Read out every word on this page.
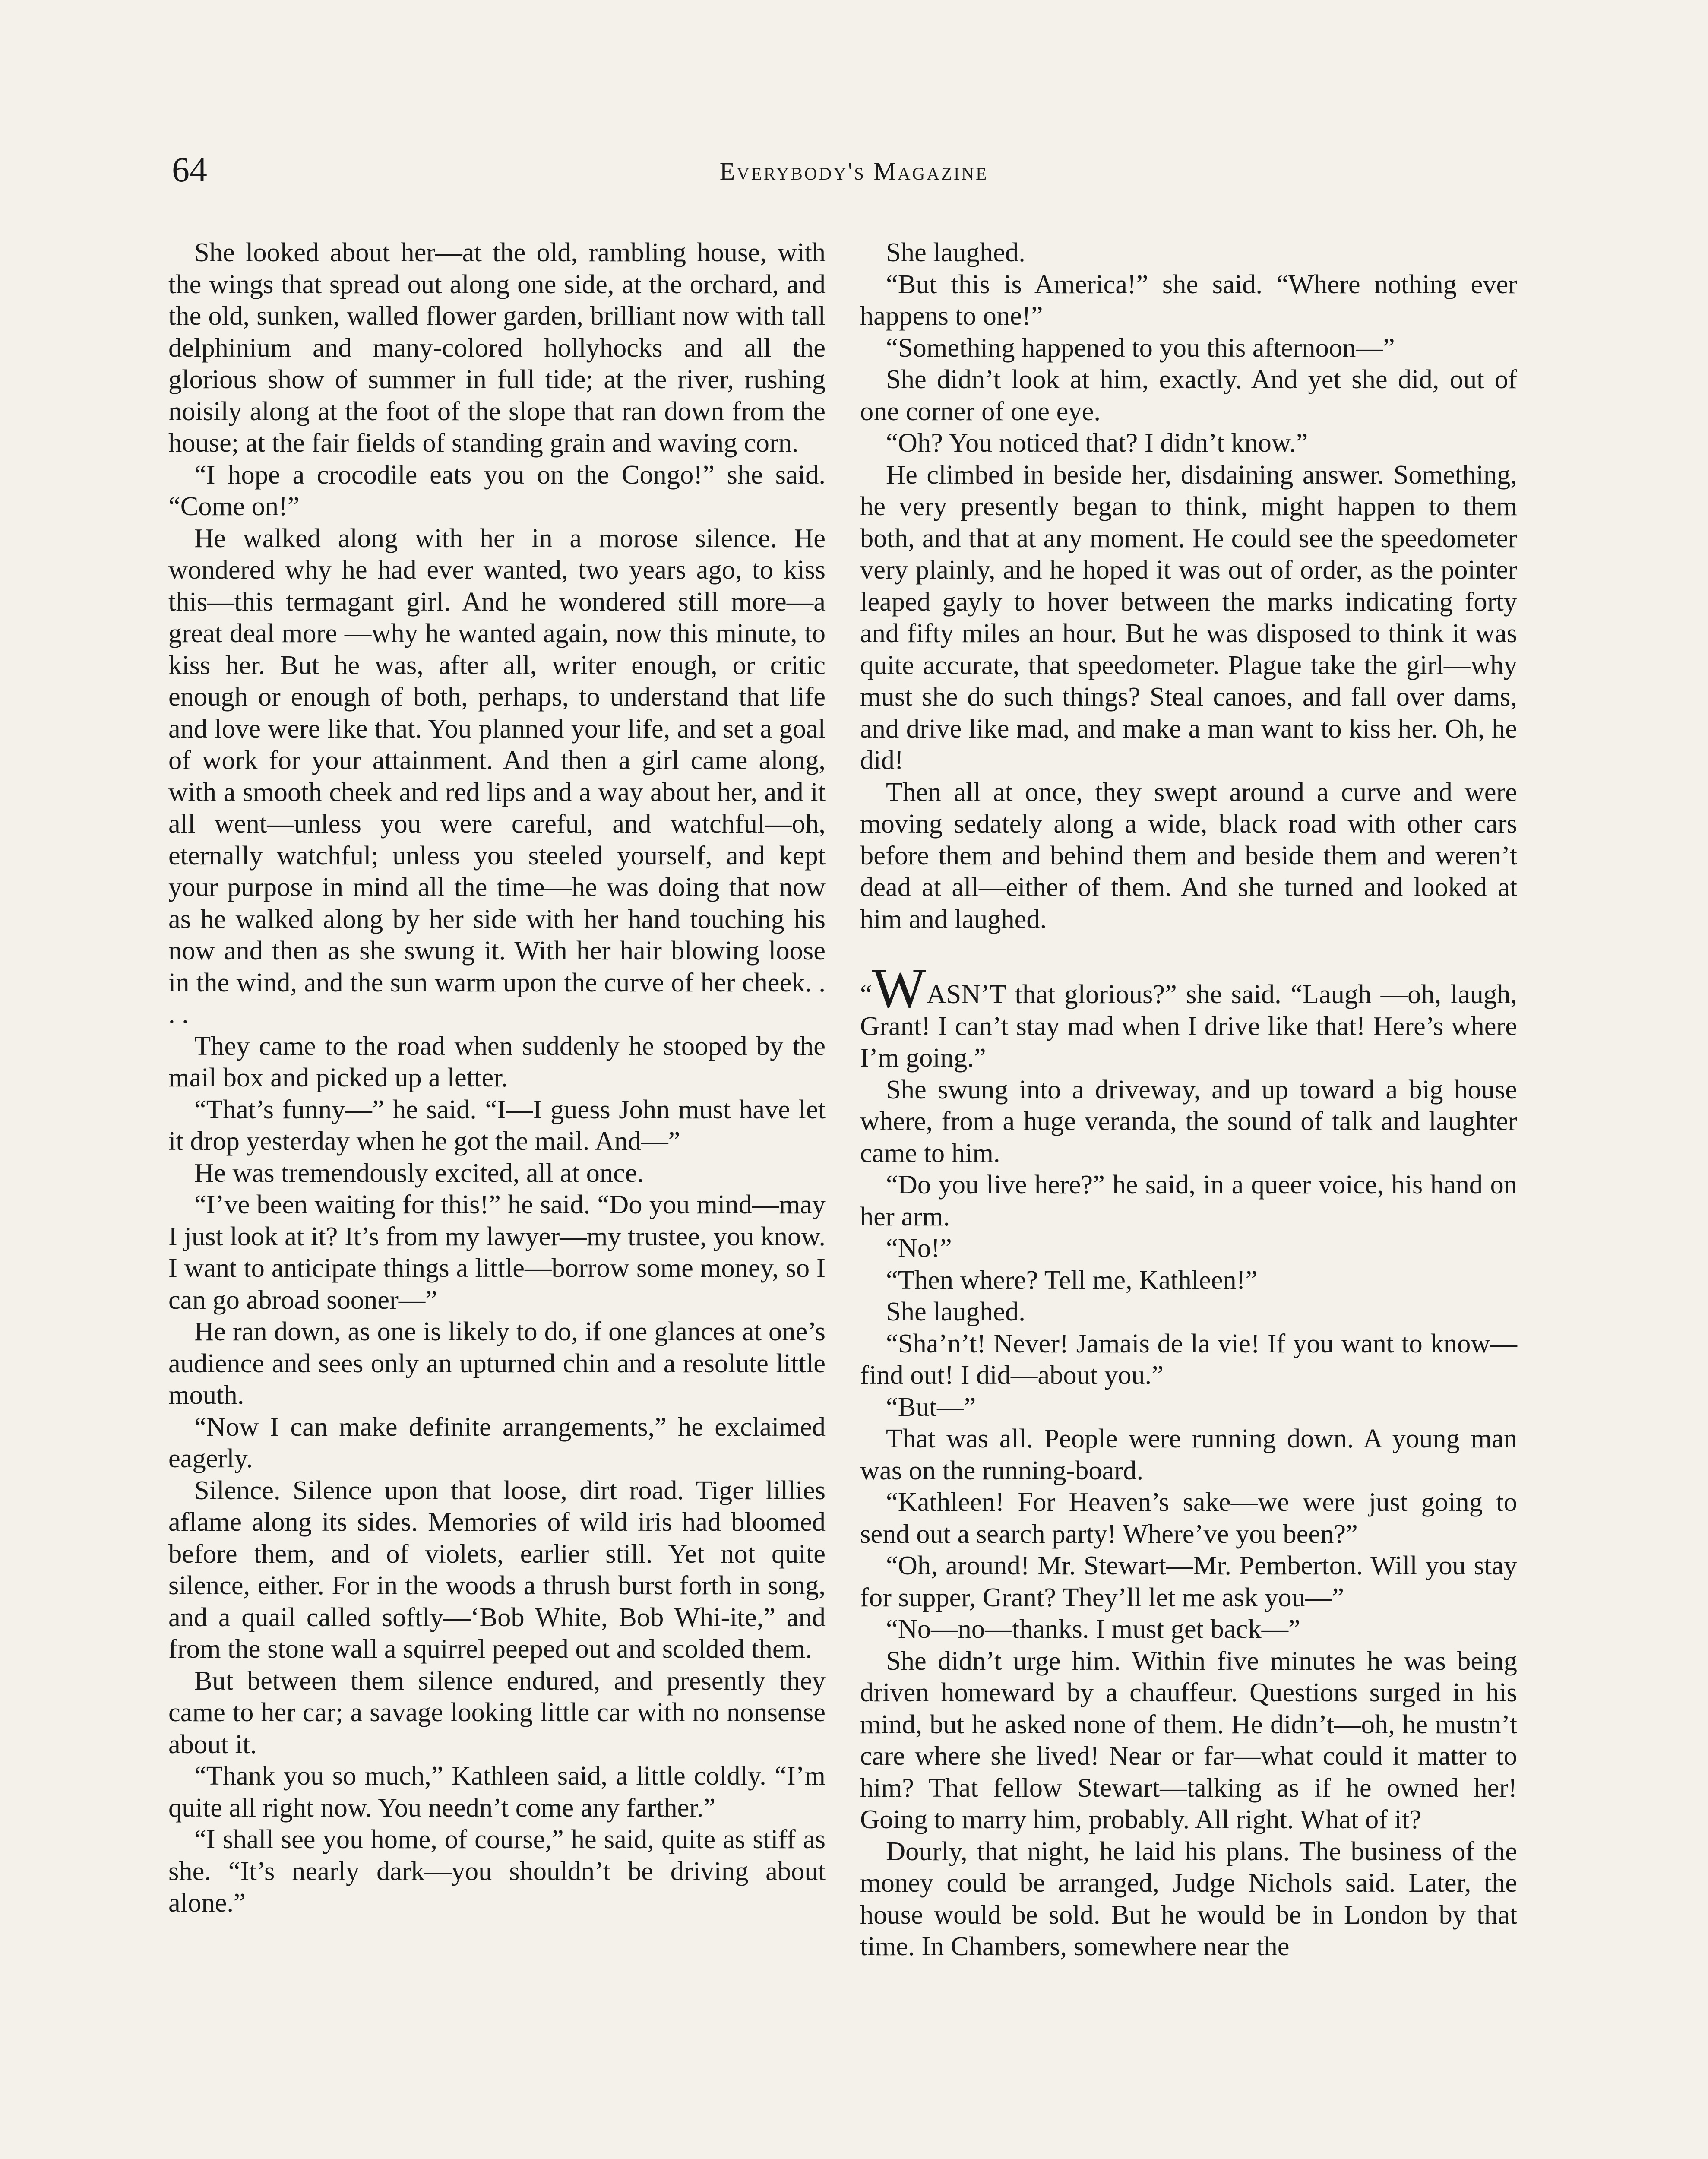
64	Everybody's Magazine

She looked about her—at the old, rambling house, with the wings that spread out along one side, at the orchard, and the old, sunken, walled flower garden, brilliant now with tall delphinium and many-colored hollyhocks and all the glorious show of summer in full tide; at the river, rushing noisily along at the foot of the slope that ran down from the house; at the fair fields of standing grain and waving corn.

“I hope a crocodile eats you on the Congo!” she said. “Come on!”

He walked along with her in a morose silence. He wondered why he had ever wanted, two years ago, to kiss this—this termagant girl. And he wondered still more—a great deal more —why he wanted again, now this minute, to kiss her. But he was, after all, writer enough, or critic enough or enough of both, perhaps, to understand that life and love were like that. You planned your life, and set a goal of work for your attainment. And then a girl came along, with a smooth cheek and red lips and a way about her, and it all went—unless you were careful, and watchful—oh, eternally watchful; unless you steeled yourself, and kept your purpose in mind all the time—he was doing that now as he walked along by her side with her hand touching his now and then as she swung it. With her hair blowing loose in the wind, and the sun warm upon the curve of her cheek. . . .

They came to the road when suddenly he stooped by the mail box and picked up a letter.

“That’s funny—” he said. “I—I guess John must have let it drop yesterday when he got the mail. And—”

He was tremendously excited, all at once.

“I’ve been waiting for this!” he said. “Do you mind—may I just look at it? It’s from my lawyer—my trustee, you know. I want to anticipate things a little—borrow some money, so I can go abroad sooner—”

He ran down, as one is likely to do, if one glances at one’s audience and sees only an upturned chin and a resolute little mouth.

“Now I can make definite arrangements,” he exclaimed eagerly.

Silence. Silence upon that loose, dirt road. Tiger lillies aflame along its sides. Memories of wild iris had bloomed before them, and of violets, earlier still. Yet not quite silence, either. For in the woods a thrush burst forth in song, and a quail called softly—‘Bob White, Bob Whi-ite,” and from the stone wall a squirrel peeped out and scolded them.

But between them silence endured, and presently they came to her car; a savage looking little car with no nonsense about it.

“Thank you so much,” Kathleen said, a little coldly. “I’m quite all right now. You needn’t come any farther.”

“I shall see you home, of course,” he said, quite as stiff as she. “It’s nearly dark—you shouldn’t be driving about alone.”

She laughed.

“But this is America!” she said. “Where nothing ever happens to one!”

“Something happened to you this afternoon—”

She didn’t look at him, exactly. And yet she did, out of one corner of one eye.

“Oh? You noticed that? I didn’t know.”

He climbed in beside her, disdaining answer. Something, he very presently began to think, might happen to them both, and that at any moment. He could see the speedometer very plainly, and he hoped it was out of order, as the pointer leaped gayly to hover between the marks indicating forty and fifty miles an hour. But he was disposed to think it was quite accurate, that speedometer. Plague take the girl—why must she do such things? Steal canoes, and fall over dams, and drive like mad, and make a man want to kiss her. Oh, he did!

Then all at once, they swept around a curve and were moving sedately along a wide, black road with other cars before them and behind them and beside them and weren’t dead at all—either of them. And she turned and looked at him and laughed.

“WASN’T that glorious?” she said. “Laugh —oh, laugh, Grant! I can’t stay mad when I drive like that! Here’s where I’m going.”

She swung into a driveway, and up toward a big house where, from a huge veranda, the sound of talk and laughter came to him.

“Do you live here?” he said, in a queer voice, his hand on her arm.

“No!”

“Then where? Tell me, Kathleen!”

She laughed.

“Sha’n’t! Never! Jamais de la vie! If you want to know—find out! I did—about you.”

“But—”

That was all. People were running down. A young man was on the running-board.

“Kathleen! For Heaven’s sake—we were just going to send out a search party! Where’ve you been?”

“Oh, around! Mr. Stewart—Mr. Pemberton. Will you stay for supper, Grant? They’ll let me ask you—”

“No—no—thanks. I must get back—”

She didn’t urge him. Within five minutes he was being driven homeward by a chauffeur. Questions surged in his mind, but he asked none of them. He didn’t—oh, he mustn’t care where she lived! Near or far—what could it matter to him? That fellow Stewart—talking as if he owned her! Going to marry him, probably. All right. What of it?

Dourly, that night, he laid his plans. The business of the money could be arranged, Judge Nichols said. Later, the house would be sold. But he would be in London by that time. In Chambers, somewhere near the
